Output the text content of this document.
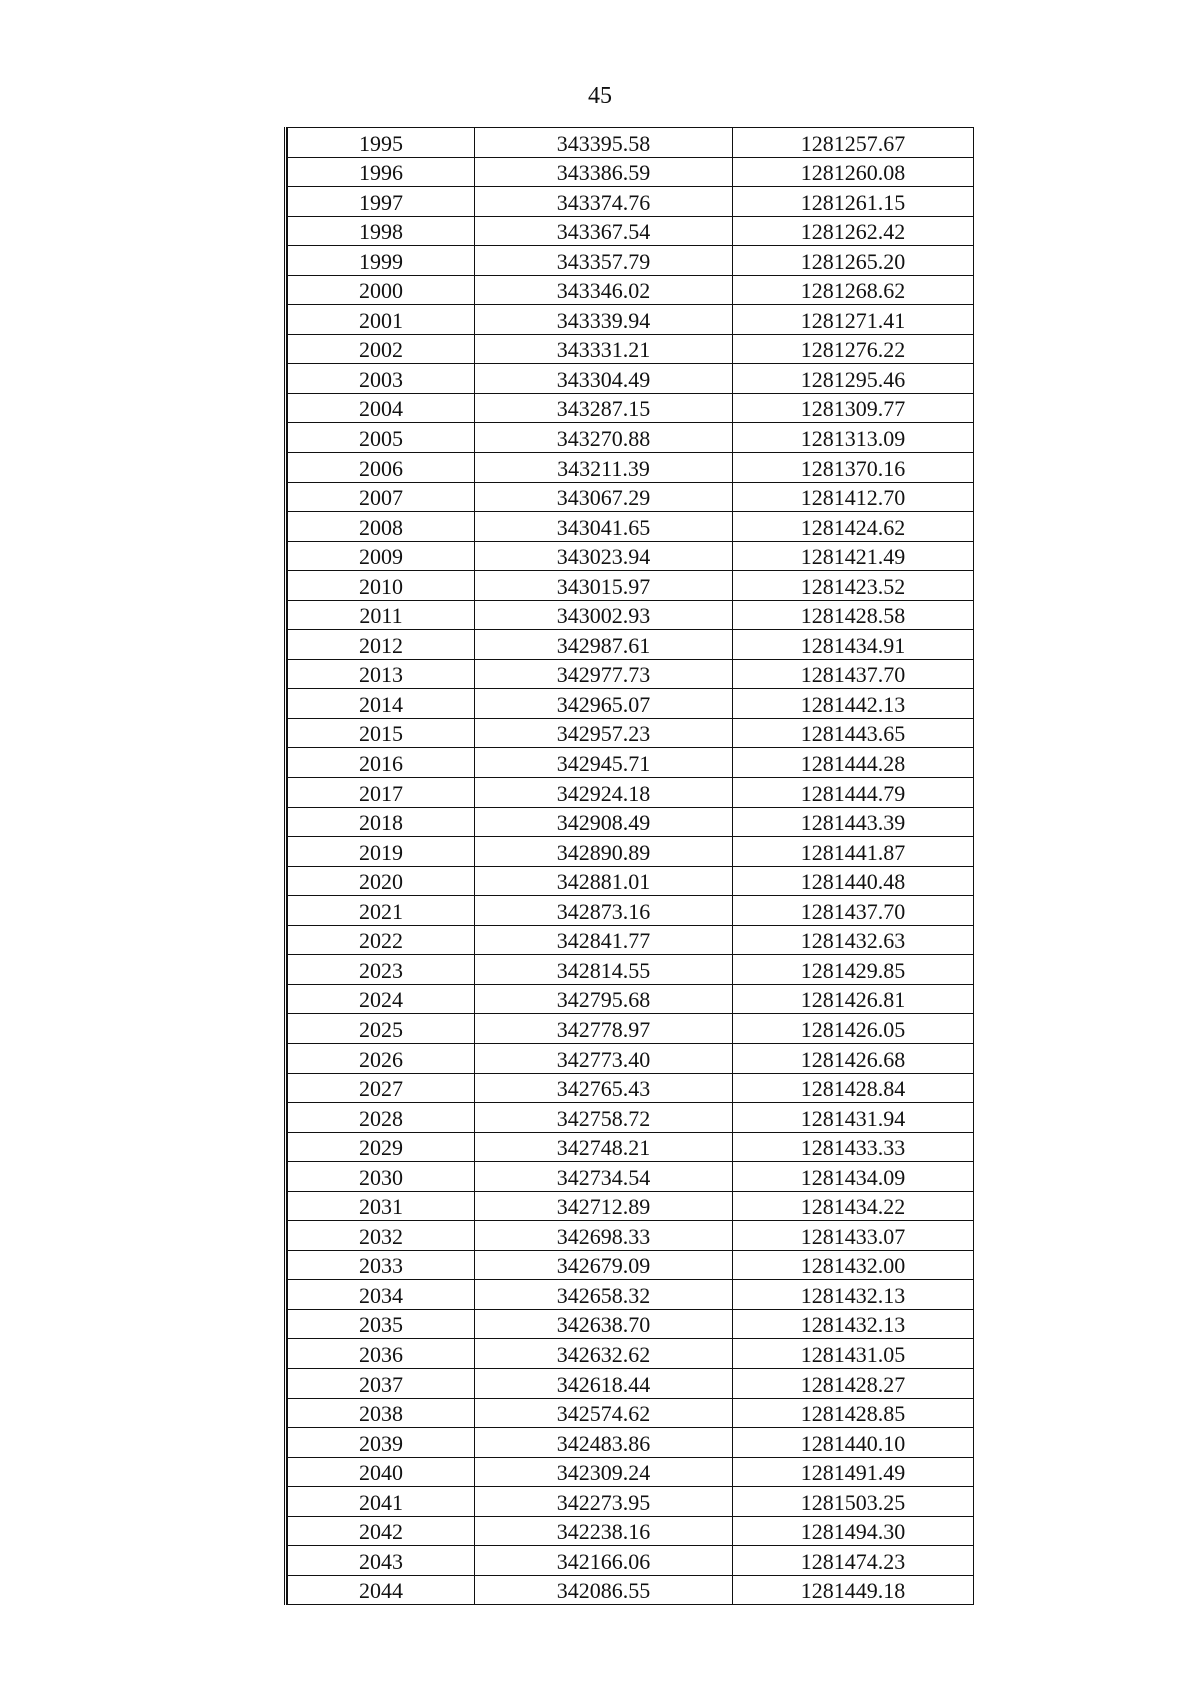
45
1995	343395.58	1281257.67
1996	343386.59	1281260.08
1997	343374.76	1281261.15
1998	343367.54	1281262.42
1999	343357.79	1281265.20
2000	343346.02	1281268.62
2001	343339.94	1281271.41
2002	343331.21	1281276.22
2003	343304.49	1281295.46
2004	343287.15	1281309.77
2005	343270.88	1281313.09
2006	343211.39	1281370.16
2007	343067.29	1281412.70
2008	343041.65	1281424.62
2009	343023.94	1281421.49
2010	343015.97	1281423.52
2011	343002.93	1281428.58
2012	342987.61	1281434.91
2013	342977.73	1281437.70
2014	342965.07	1281442.13
2015	342957.23	1281443.65
2016	342945.71	1281444.28
2017	342924.18	1281444.79
2018	342908.49	1281443.39
2019	342890.89	1281441.87
2020	342881.01	1281440.48
2021	342873.16	1281437.70
2022	342841.77	1281432.63
2023	342814.55	1281429.85
2024	342795.68	1281426.81
2025	342778.97	1281426.05
2026	342773.40	1281426.68
2027	342765.43	1281428.84
2028	342758.72	1281431.94
2029	342748.21	1281433.33
2030	342734.54	1281434.09
2031	342712.89	1281434.22
2032	342698.33	1281433.07
2033	342679.09	1281432.00
2034	342658.32	1281432.13
2035	342638.70	1281432.13
2036	342632.62	1281431.05
2037	342618.44	1281428.27
2038	342574.62	1281428.85
2039	342483.86	1281440.10
2040	342309.24	1281491.49
2041	342273.95	1281503.25
2042	342238.16	1281494.30
2043	342166.06	1281474.23
2044	342086.55	1281449.18
